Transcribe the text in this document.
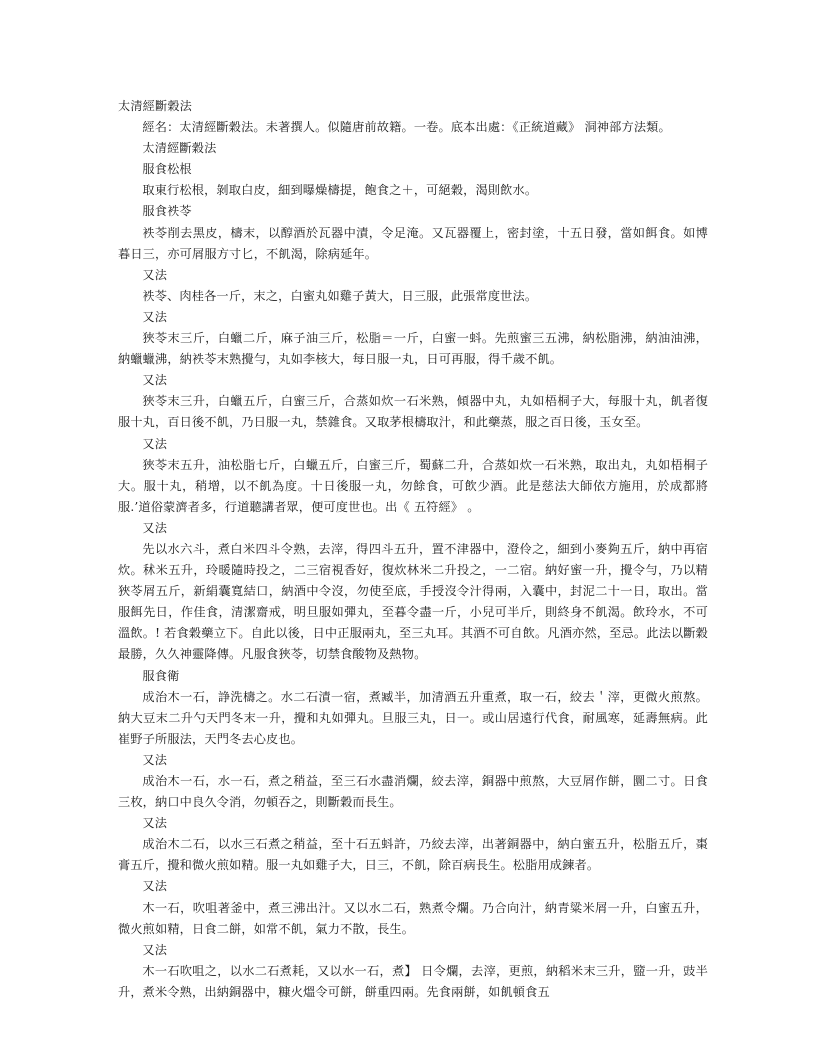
太清經斷穀法

經名：太清經斷穀法。未著撰人。似隨唐前故籍。一卷。底本出處：《正統道藏》 洞神部方法類。

太清經斷穀法

服食松根

取東行松根，剝取白皮，細到曝燥檮提，飽食之＋，可絕穀，渴則飲水。

服食袟苓

袟苓削去黑皮，檮末，以醇酒於瓦器中漬，令足淹。又瓦器覆上，密封塗，十五日發，當如餌食。如博暮日三，亦可屑服方寸匕，不飢渴，除病延年。

又法

袟苓、肉桂各一斤，末之，白蜜丸如雞子黃大，日三服，此張常度世法。

又法

狹苓末三斤，白蠟二斤，麻子油三斤，松脂＝一斤，白蜜一蚪。先煎蜜三五沸，納松脂沸，納油油沸，納蠟蠟沸，納袟苓末熟攪勻，丸如李核大，每日服一丸，日可再服，得千歲不飢。

又法

狹苓末三升，白蠟五斤，白蜜三斤，合蒸如炊一石米熟，傾器中丸，丸如梧桐子大，每服十丸，飢者復服十丸，百日後不飢，乃日服一丸，禁雜食。又取茅根檮取汁，和此藥蒸，服之百日後，玉女至。

又法

狹苓末五升，油松脂七斤，白蠟五斤，白蜜三斤，蜀蘇二升，合蒸如炊一石米熟，取出丸，丸如梧桐子大。服十丸，稍增，以不飢為度。十日後服一丸，勿餘食，可飲少酒。此是慈法大師依方施用，於成都將服.’道俗蒙濟者多，行道聽講者眾，便可度世也。出《 五符經》 。

又法

先以水六斗，煮白米四斗令熟，去滓，得四斗五升，置不津器中，澄伶之，細到小麥夠五斤，納中再宿炊。秫米五升，玲暖隨時投之，二三宿視香好，復炊林米二升投之，一二宿。納好蜜一升，攪令勻，乃以精狹苓屑五斤，新絹囊寬結口，納酒中令沒，勿使至底，手授沒令汁得兩，入囊中，封泥二十一日，取出。當服餌先日，作佳食，清潔齋戒，明旦服如彈丸，至暮令盡一斤，小兒可半斤，則終身不飢渴。飲玲水，不可溫飲。! 若食穀藥立下。自此以後，日中正服兩丸，至三丸耳。其酒不可自飲。凡酒亦然，至忌。此法以斷穀最勝，久久神靈降傳。凡服食狹苓，切禁食酸物及熱物。

服食衛

成治木一石，諍洗檮之。水二石漬一宿，煮臧半，加清酒五升重煮，取一石，絞去＇滓，更微火煎熬。納大豆末二升勺天門冬末一升，攪和丸如彈丸。旦服三丸，日一。或山居遠行代食，耐風寒，延壽無病。此崔野子所服法，天門冬去心皮也。

又法

成治木一石，水一石，煮之稍益，至三石水盡消爛，絞去滓，銅器中煎熬，大豆屑作餅，圜二寸。日食三枚，納口中良久令消，勿頓吞之，則斷穀而長生。

又法

成治木二石，以水三石煮之稍益，至十石五蚪許，乃絞去滓，出著銅器中，納白蜜五升，松脂五斤，棗膏五斤，攪和微火煎如精。服一丸如雞子大，日三，不飢，除百病長生。松脂用成鍊者。

又法

木一石，吹咀著釜中，煮三沸出汁。又以水二石，熟煮令爛。乃合向汁，納青粱米屑一升，白蜜五升，微火煎如精，日食二餅，如常不飢，氣力不散，長生。

又法

木一石吹咀之，以水二石煮耗，又以水一石，煮】 日令爛，去滓，更煎，納稻米末三升，盬一升，豉半升，煮米令熟，出納銅器中，糠火熅令可餅，餅重四兩。先食兩餅，如飢頓食五
